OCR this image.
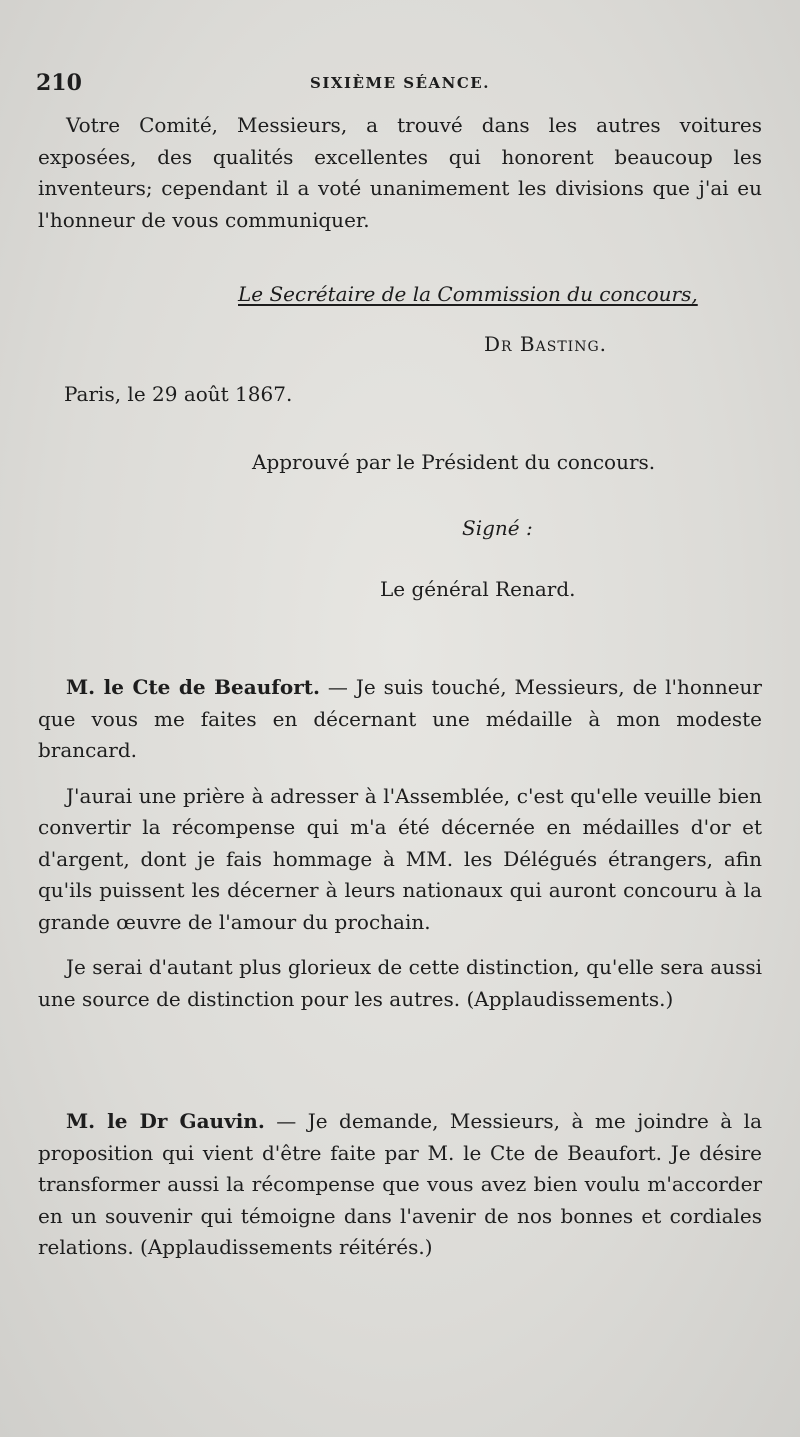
210	SIXIÈME SÉANCE.

Votre Comité, Messieurs, a trouvé dans les autres voitures exposées, des qualités excellentes qui honorent beaucoup les inventeurs; cependant il a voté unanimement les divisions que j'ai eu l'honneur de vous communiquer.

Le Secrétaire de la Commission du concours,
Dr Basting.
Paris, le 29 août 1867.
Approuvé par le Président du concours.
Signé :
Le général Renard.

M. le Cte de Beaufort. — Je suis touché, Messieurs, de l'honneur que vous me faites en décernant une médaille à mon modeste brancard.

J'aurai une prière à adresser à l'Assemblée, c'est qu'elle veuille bien convertir la récompense qui m'a été décernée en médailles d'or et d'argent, dont je fais hommage à MM. les Délégués étrangers, afin qu'ils puissent les décerner à leurs nationaux qui auront concouru à la grande œuvre de l'amour du prochain.

Je serai d'autant plus glorieux de cette distinction, qu'elle sera aussi une source de distinction pour les autres. (Applaudissements.)

M. le Dr Gauvin. — Je demande, Messieurs, à me joindre à la proposition qui vient d'être faite par M. le Cte de Beaufort. Je désire transformer aussi la récompense que vous avez bien voulu m'accorder en un souvenir qui témoigne dans l'avenir de nos bonnes et cordiales relations. (Applaudissements réitérés.)
